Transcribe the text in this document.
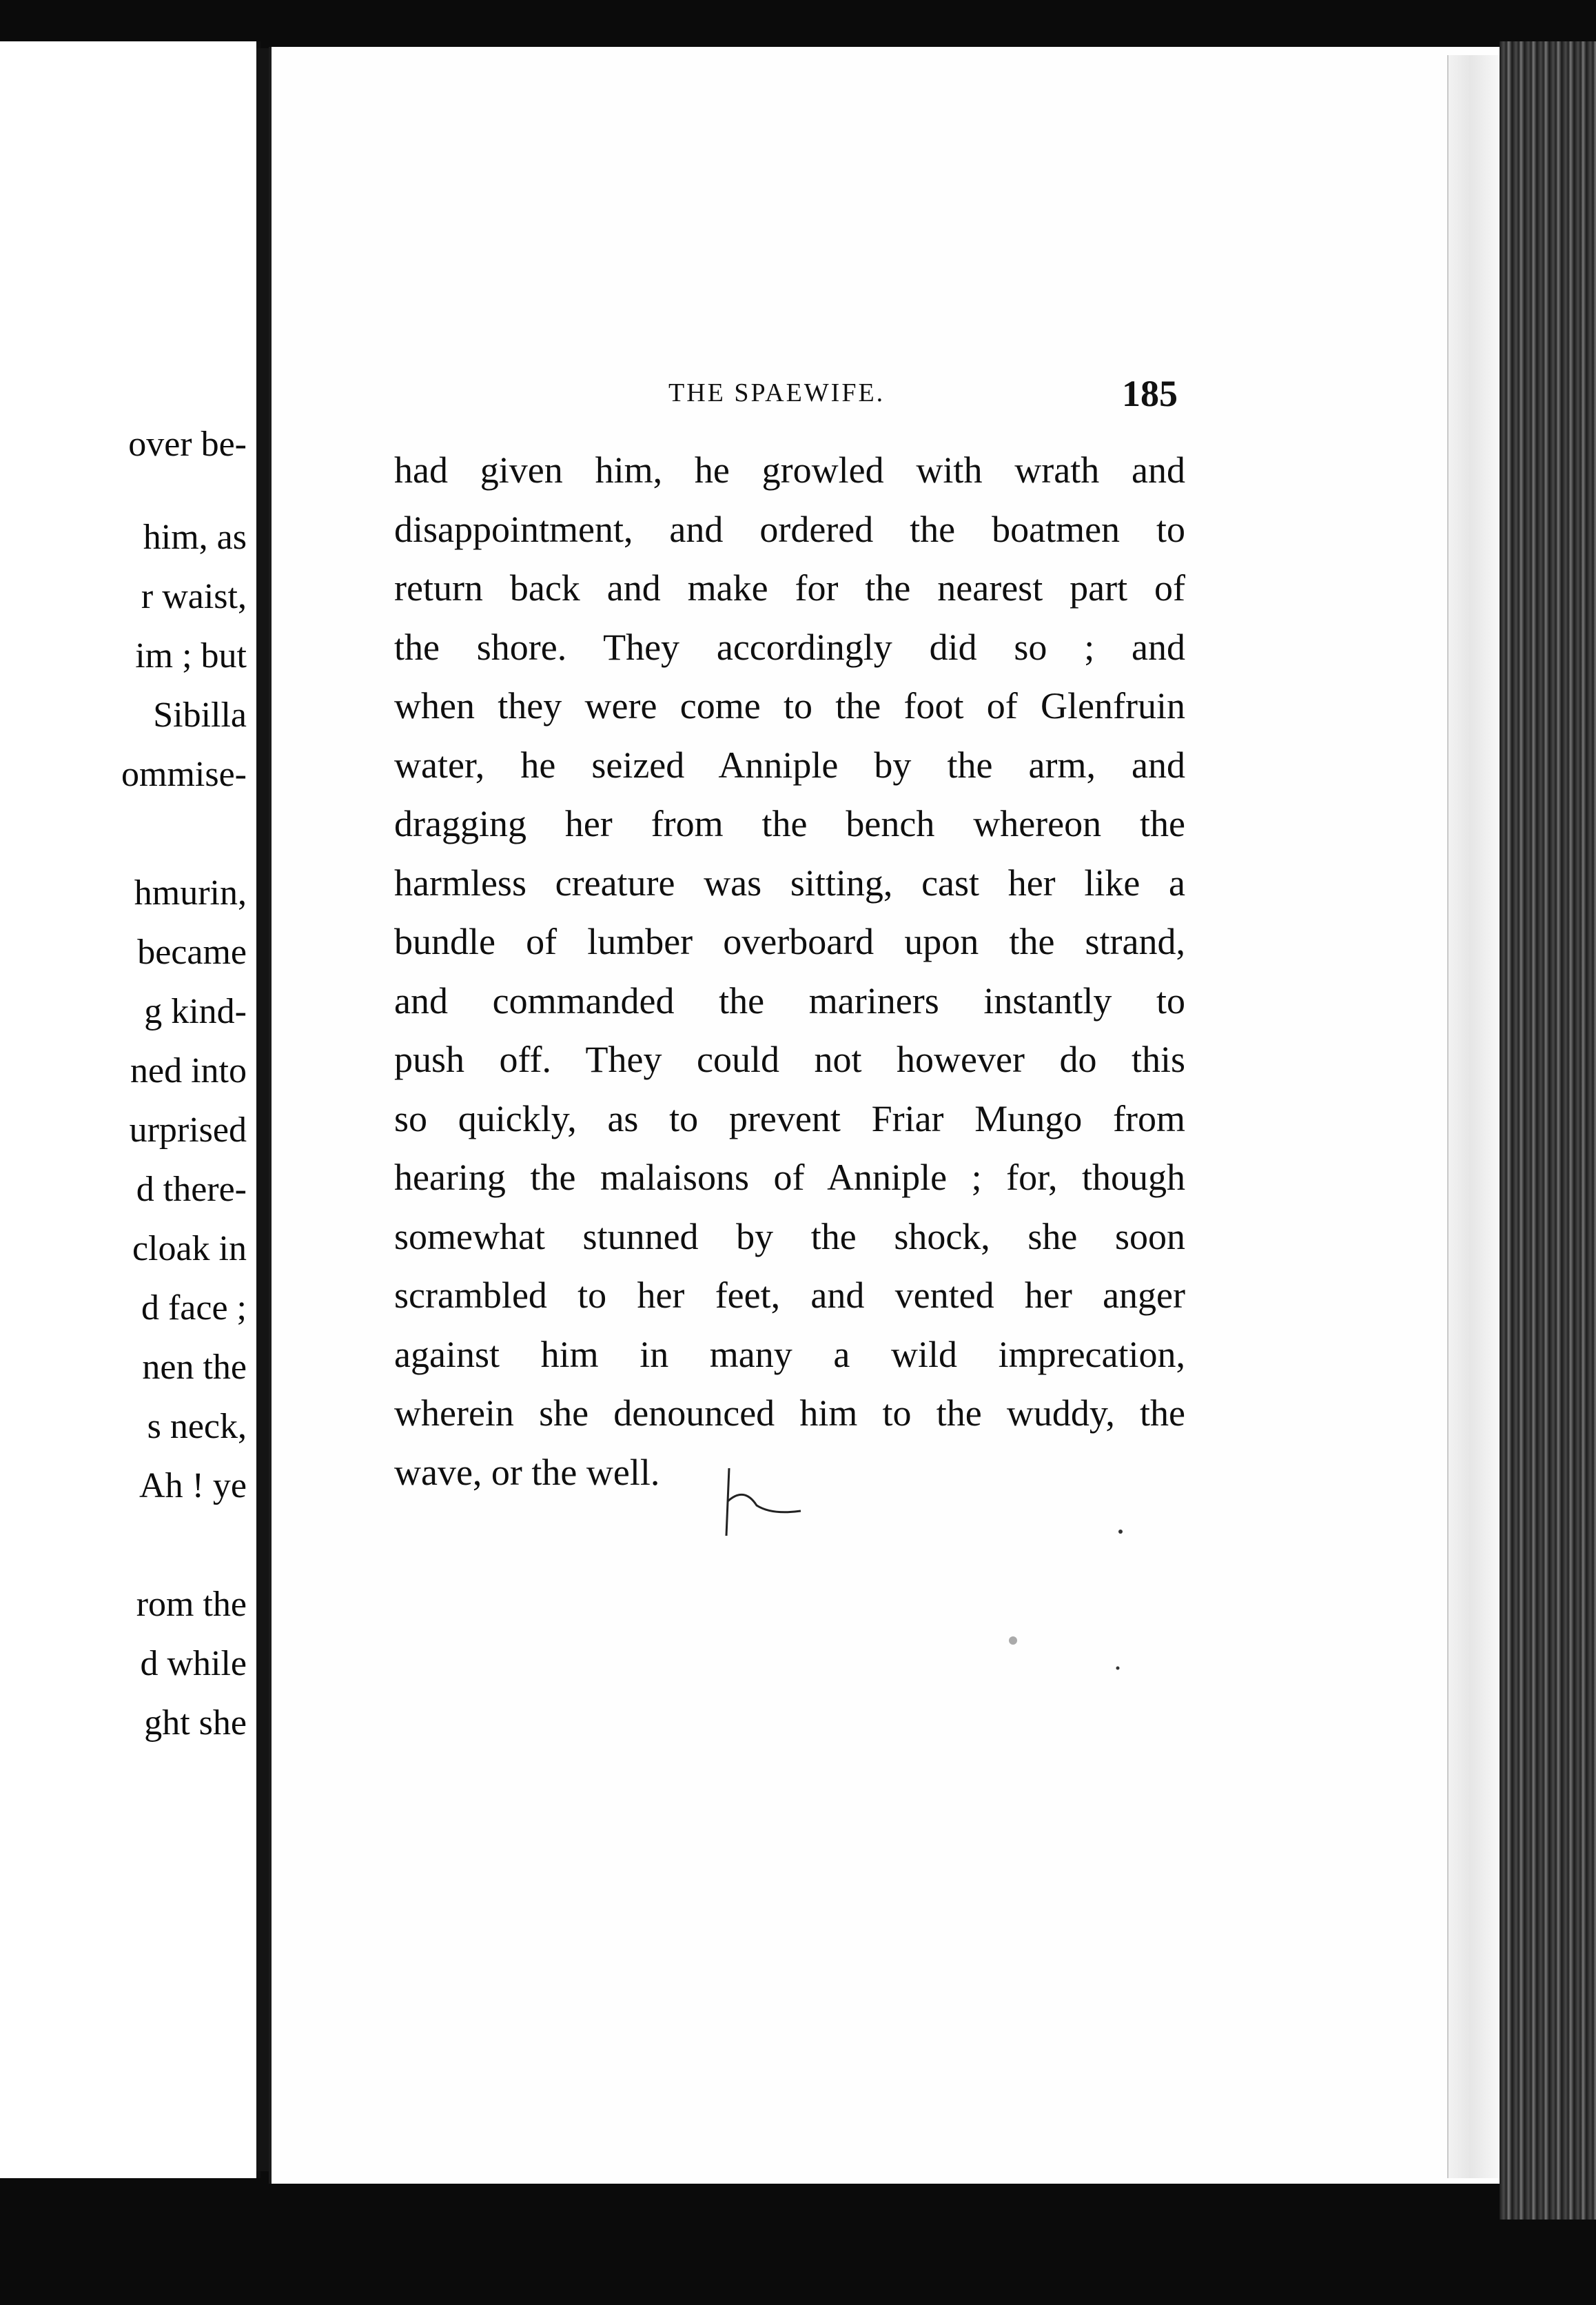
over be-

him, as

r waist,

im ; but

Sibilla

ommise-

hmurin,

became

g kind-

ned into

urprised

d there-

cloak in

d face ;

nen the

s neck,

Ah ! ye

rom the

d while

ght she

THE SPAEWIFE.	185

had given him, he growled with wrath and

disappointment, and ordered the boatmen to

return back and make for the nearest part of

the shore. They accordingly did so ; and

when they were come to the foot of Glenfruin

water, he seized Anniple by the arm, and

dragging her from the bench whereon the

harmless creature was sitting, cast her like a

bundle of lumber overboard upon the strand,

and commanded the mariners instantly to

push off. They could not however do this

so quickly, as to prevent Friar Mungo from

hearing the malaisons of Anniple ; for, though

somewhat stunned by the shock, she soon

scrambled to her feet, and vented her anger

against him in many a wild imprecation,

wherein she denounced him to the wuddy, the

wave, or the well.
